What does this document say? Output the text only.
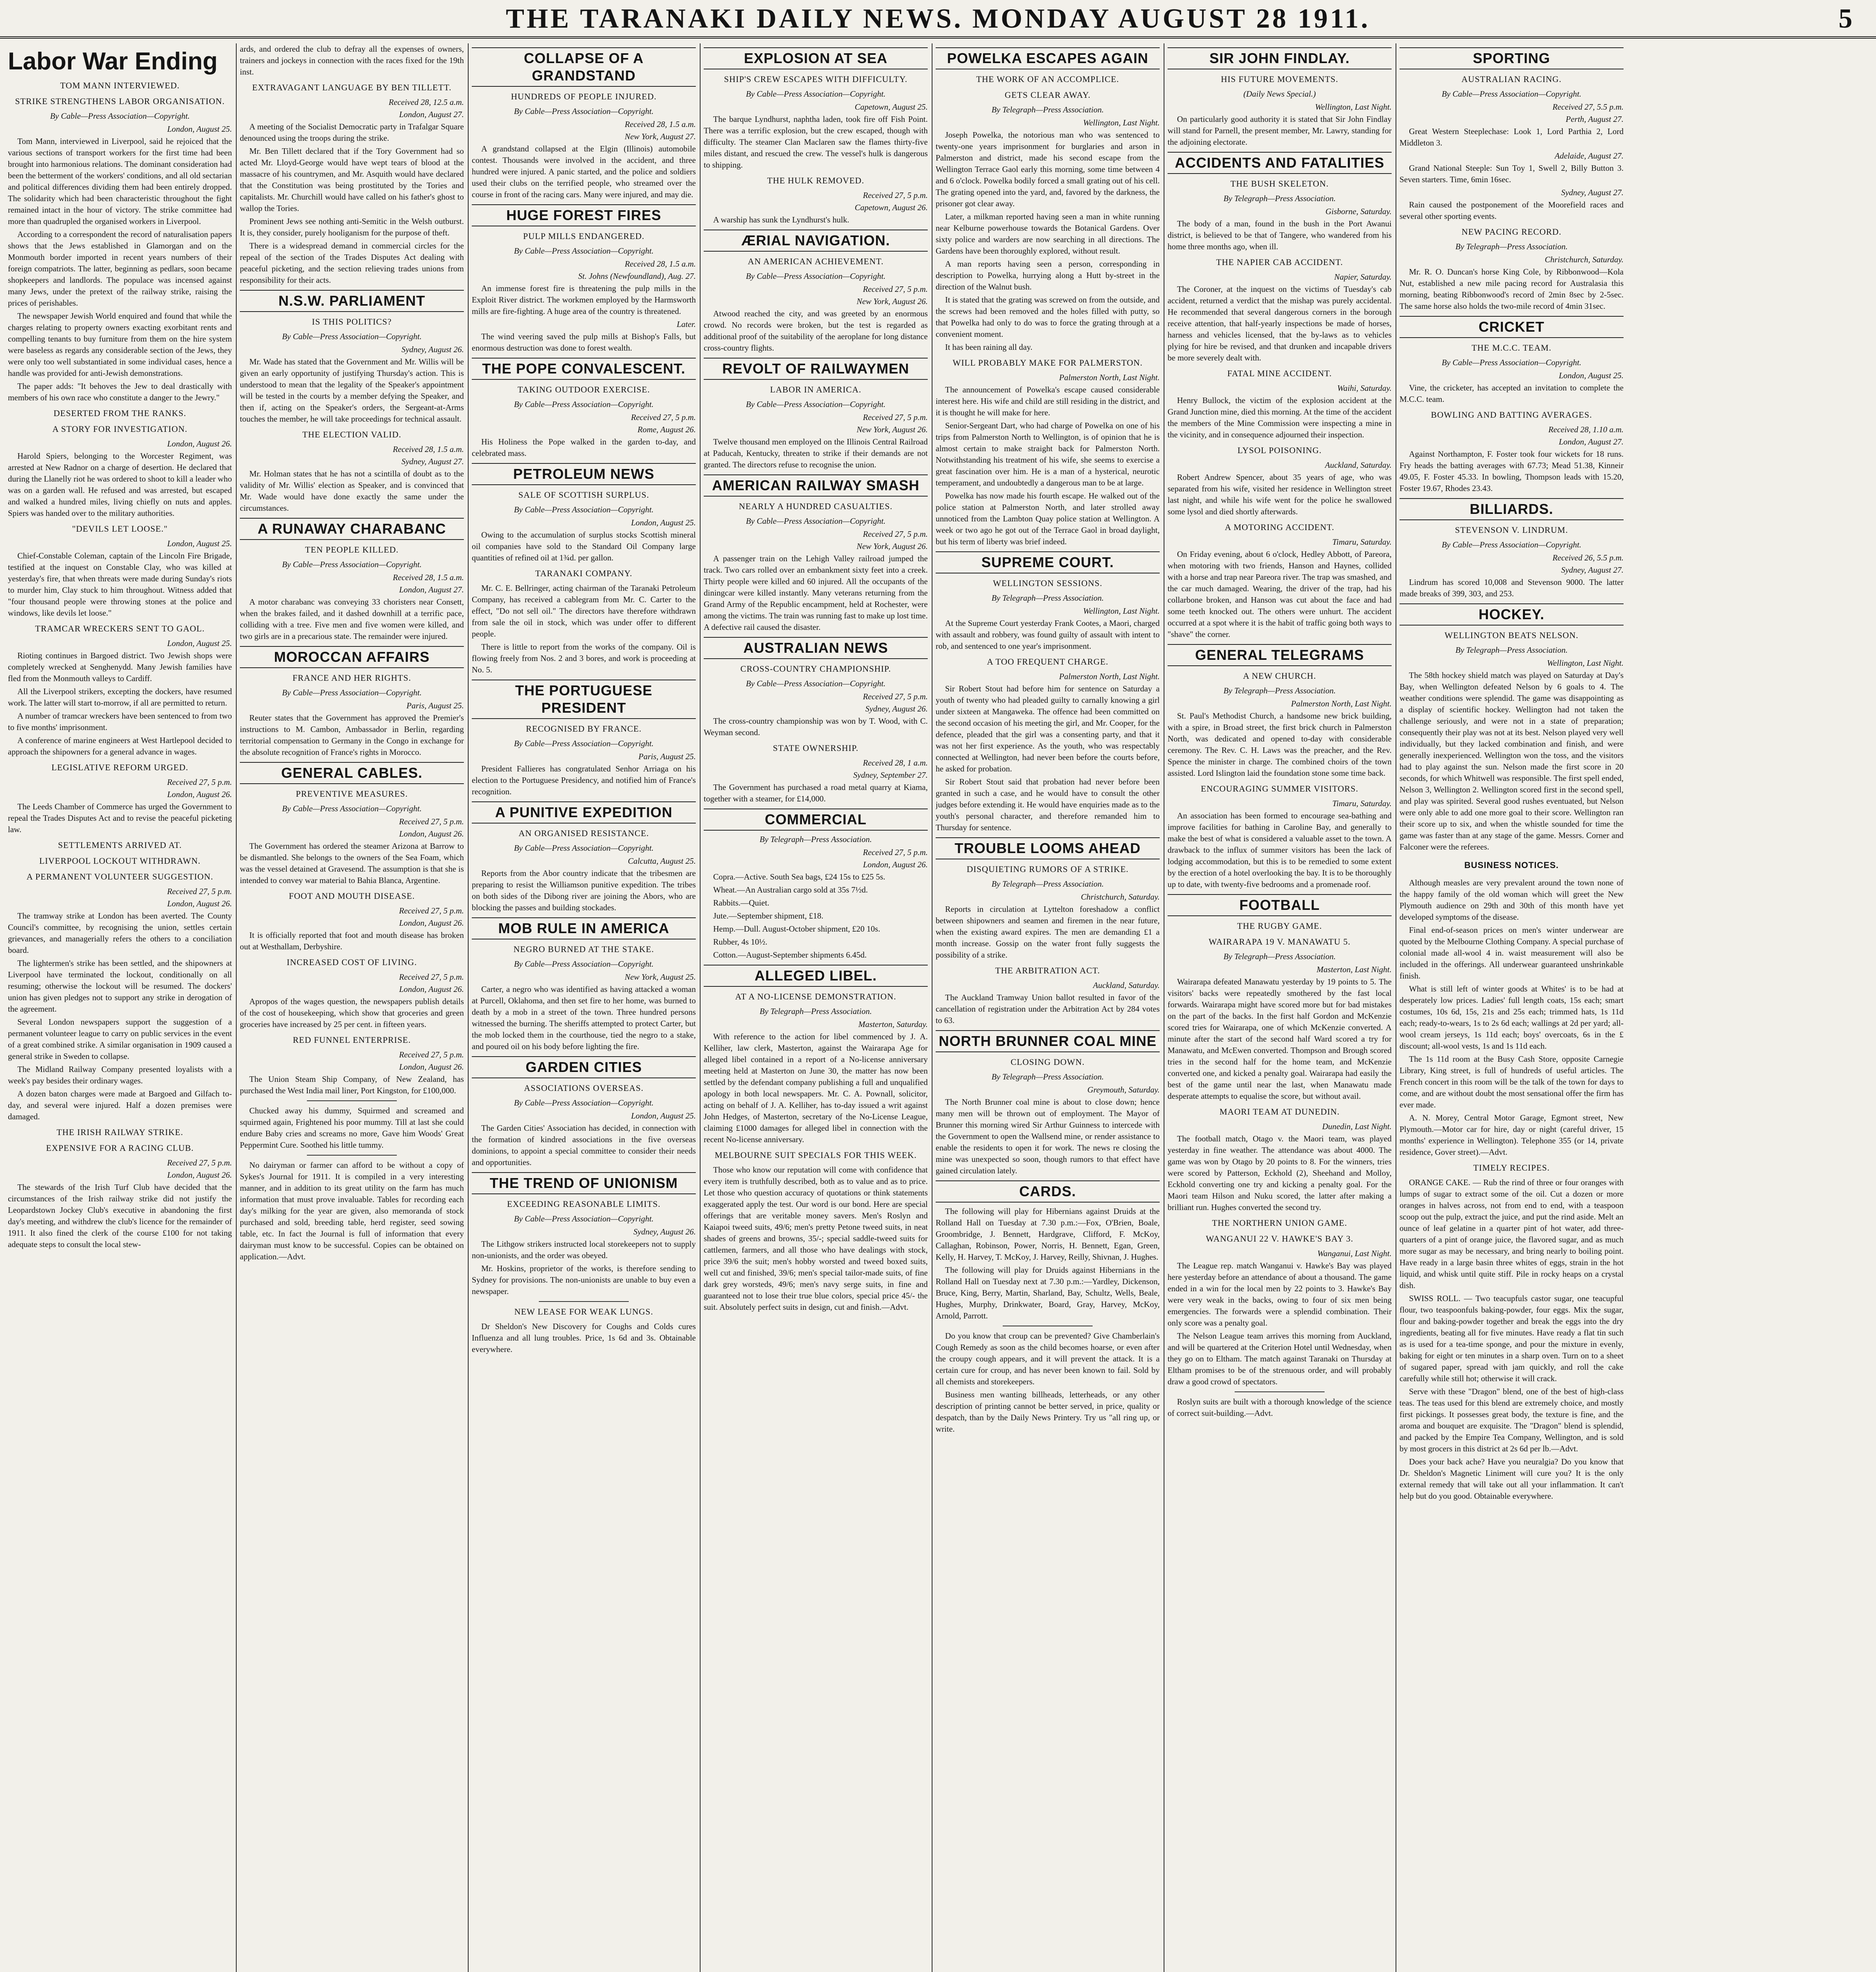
THE TARANAKI DAILY NEWS. MONDAY AUGUST 28 1911.	5
Labor War Ending
TOM MANN INTERVIEWED.
STRIKE STRENGTHENS LABOR ORGANISATION.
By Cable—Press Association—Copyright.
London, August 25.

Tom Mann, interviewed in Liverpool, said he rejoiced that the various sections of transport workers for the first time had been brought into harmonious relations. The dominant consideration had been the betterment of the workers' conditions, and all old sectarian and political differences dividing them had been entirely dropped. The solidarity which had been characteristic throughout the fight remained intact in the hour of victory. The strike committee had more than quadrupled the organised workers in Liverpool.

According to a correspondent the record of naturalisation papers shows that the Jews established in Glamorgan and on the Monmouth border imported in recent years numbers of their foreign compatriots. The latter, beginning as pedlars, soon became shopkeepers and landlords. The populace was incensed against many Jews, under the pretext of the railway strike, raising the prices of perishables.

The newspaper Jewish World enquired and found that while the charges relating to property owners exacting exorbitant rents and compelling tenants to buy furniture from them on the hire system were baseless as regards any considerable section of the Jews, they were only too well substantiated in some individual cases, hence a handle was provided for anti-Jewish demonstrations.

The paper adds: "It behoves the Jew to deal drastically with members of his own race who constitute a danger to the Jewry."

DESERTED FROM THE RANKS.
A STORY FOR INVESTIGATION.
London, August 26.

Harold Spiers, belonging to the Worcester Regiment, was arrested at New Radnor on a charge of desertion. He declared that during the Llanelly riot he was ordered to shoot to kill a leader who was on a garden wall. He refused and was arrested, but escaped and walked a hundred miles, living chiefly on nuts and apples. Spiers was handed over to the military authorities.

"DEVILS LET LOOSE."
London, August 25.

Chief-Constable Coleman, captain of the Lincoln Fire Brigade, testified at the inquest on Constable Clay, who was killed at yesterday's fire, that when threats were made during Sunday's riots to murder him, Clay stuck to him throughout. Witness added that "four thousand people were throwing stones at the police and windows, like devils let loose."

TRAMCAR WRECKERS SENT TO GAOL.
London, August 25.

Rioting continues in Bargoed district. Two Jewish shops were completely wrecked at Senghenydd. Many Jewish families have fled from the Monmouth valleys to Cardiff.

All the Liverpool strikers, excepting the dockers, have resumed work. The latter will start to-morrow, if all are permitted to return.

A number of tramcar wreckers have been sentenced to from two to five months' imprisonment.

A conference of marine engineers at West Hartlepool decided to approach the shipowners for a general advance in wages.

LEGISLATIVE REFORM URGED.
Received 27, 5 p.m.
London, August 26.

The Leeds Chamber of Commerce has urged the Government to repeal the Trades Disputes Act and to revise the peaceful picketing law.

SETTLEMENTS ARRIVED AT.
LIVERPOOL LOCKOUT WITHDRAWN.
A PERMANENT VOLUNTEER SUGGESTION.
Received 27, 5 p.m.
London, August 26.

The tramway strike at London has been averted. The County Council's committee, by recognising the union, settles certain grievances, and managerially refers the others to a conciliation board.

The lightermen's strike has been settled, and the shipowners at Liverpool have terminated the lockout, conditionally on all resuming; otherwise the lockout will be resumed. The dockers' union has given pledges not to support any strike in derogation of the agreement.

Several London newspapers support the suggestion of a permanent volunteer league to carry on public services in the event of a great combined strike. A similar organisation in 1909 caused a general strike in Sweden to collapse.

The Midland Railway Company presented loyalists with a week's pay besides their ordinary wages.

A dozen baton charges were made at Bargoed and Gilfach to-day, and several were injured. Half a dozen premises were damaged.

THE IRISH RAILWAY STRIKE.
EXPENSIVE FOR A RACING CLUB.
Received 27, 5 p.m.
London, August 26.

The stewards of the Irish Turf Club have decided that the circumstances of the Irish railway strike did not justify the Leopardstown Jockey Club's executive in abandoning the first day's meeting, and withdrew the club's licence for the remainder of 1911. It also fined the clerk of the course £100 for not taking adequate steps to consult the local stew-

ards, and ordered the club to defray all the expenses of owners, trainers and jockeys in connection with the races fixed for the 19th inst.

EXTRAVAGANT LANGUAGE BY BEN TILLETT.
Received 28, 12.5 a.m.
London, August 27.

A meeting of the Socialist Democratic party in Trafalgar Square denounced using the troops during the strike.

Mr. Ben Tillett declared that if the Tory Government had so acted Mr. Lloyd-George would have wept tears of blood at the massacre of his countrymen, and Mr. Asquith would have declared that the Constitution was being prostituted by the Tories and capitalists. Mr. Churchill would have called on his father's ghost to wallop the Tories.

Prominent Jews see nothing anti-Semitic in the Welsh outburst. It is, they consider, purely hooliganism for the purpose of theft.

There is a widespread demand in commercial circles for the repeal of the section of the Trades Disputes Act dealing with peaceful picketing, and the section relieving trades unions from responsibility for their acts.

N.S.W. PARLIAMENT
IS THIS POLITICS?
By Cable—Press Association—Copyright.
Sydney, August 26.

Mr. Wade has stated that the Government and Mr. Willis will be given an early opportunity of justifying Thursday's action. This is understood to mean that the legality of the Speaker's appointment will be tested in the courts by a member defying the Speaker, and then if, acting on the Speaker's orders, the Sergeant-at-Arms touches the member, he will take proceedings for technical assault.

THE ELECTION VALID.
Received 28, 1.5 a.m.
Sydney, August 27.

Mr. Holman states that he has not a scintilla of doubt as to the validity of Mr. Willis' election as Speaker, and is convinced that Mr. Wade would have done exactly the same under the circumstances.

A RUNAWAY CHARABANC
TEN PEOPLE KILLED.
By Cable—Press Association—Copyright.
Received 28, 1.5 a.m.
London, August 27.

A motor charabanc was conveying 33 choristers near Consett, when the brakes failed, and it dashed downhill at a terrific pace, colliding with a tree. Five men and five women were killed, and two girls are in a precarious state. The remainder were injured.

MOROCCAN AFFAIRS
FRANCE AND HER RIGHTS.
By Cable—Press Association—Copyright.
Paris, August 25.

Reuter states that the Government has approved the Premier's instructions to M. Cambon, Ambassador in Berlin, regarding territorial compensation to Germany in the Congo in exchange for the absolute recognition of France's rights in Morocco.

GENERAL CABLES.
PREVENTIVE MEASURES.
By Cable—Press Association—Copyright.
Received 27, 5 p.m.
London, August 26.

The Government has ordered the steamer Arizona at Barrow to be dismantled. She belongs to the owners of the Sea Foam, which was the vessel detained at Gravesend. The assumption is that she is intended to convey war material to Bahia Blanca, Argentine.

FOOT AND MOUTH DISEASE.
Received 27, 5 p.m.
London, August 26.

It is officially reported that foot and mouth disease has broken out at Westhallam, Derbyshire.

INCREASED COST OF LIVING.
Received 27, 5 p.m.
London, August 26.

Apropos of the wages question, the newspapers publish details of the cost of housekeeping, which show that groceries and green groceries have increased by 25 per cent. in fifteen years.

RED FUNNEL ENTERPRISE.
Received 27, 5 p.m.
London, August 26.

The Union Steam Ship Company, of New Zealand, has purchased the West India mail liner, Port Kingston, for £100,000.

Chucked away his dummy, Squirmed and screamed and squirmed again, Frightened his poor mummy. Till at last she could endure Baby cries and screams no more, Gave him Woods' Great Peppermint Cure. Soothed his little tummy.

No dairyman or farmer can afford to be without a copy of Sykes's Journal for 1911. It is compiled in a very interesting manner, and in addition to its great utility on the farm has much information that must prove invaluable. Tables for recording each day's milking for the year are given, also memoranda of stock purchased and sold, breeding table, herd register, seed sowing table, etc. In fact the Journal is full of information that every dairyman must know to be successful. Copies can be obtained on application.—Advt.

COLLAPSE OF A GRANDSTAND
HUNDREDS OF PEOPLE INJURED.
By Cable—Press Association—Copyright.
Received 28, 1.5 a.m.
New York, August 27.

A grandstand collapsed at the Elgin (Illinois) automobile contest. Thousands were involved in the accident, and three hundred were injured. A panic started, and the police and soldiers used their clubs on the terrified people, who streamed over the course in front of the racing cars. Many were injured, and may die.

HUGE FOREST FIRES
PULP MILLS ENDANGERED.
By Cable—Press Association—Copyright.
Received 28, 1.5 a.m.
St. Johns (Newfoundland), Aug. 27.

An immense forest fire is threatening the pulp mills in the Exploit River district. The workmen employed by the Harmsworth mills are fire-fighting. A huge area of the country is threatened.

Later.

The wind veering saved the pulp mills at Bishop's Falls, but enormous destruction was done to forest wealth.

THE POPE CONVALESCENT.
TAKING OUTDOOR EXERCISE.
By Cable—Press Association—Copyright.
Received 27, 5 p.m.
Rome, August 26.

His Holiness the Pope walked in the garden to-day, and celebrated mass.

PETROLEUM NEWS
SALE OF SCOTTISH SURPLUS.
By Cable—Press Association—Copyright.
London, August 25.

Owing to the accumulation of surplus stocks Scottish mineral oil companies have sold to the Standard Oil Company large quantities of refined oil at 1¾d. per gallon.

TARANAKI COMPANY.

Mr. C. E. Bellringer, acting chairman of the Taranaki Petroleum Company, has received a cablegram from Mr. C. Carter to the effect, "Do not sell oil." The directors have therefore withdrawn from sale the oil in stock, which was under offer to different people.

There is little to report from the works of the company. Oil is flowing freely from Nos. 2 and 3 bores, and work is proceeding at No. 5.

THE PORTUGUESE PRESIDENT
RECOGNISED BY FRANCE.
By Cable—Press Association—Copyright.
Paris, August 25.

President Fallieres has congratulated Senhor Arriaga on his election to the Portuguese Presidency, and notified him of France's recognition.

A PUNITIVE EXPEDITION
AN ORGANISED RESISTANCE.
By Cable—Press Association—Copyright.
Calcutta, August 25.

Reports from the Abor country indicate that the tribesmen are preparing to resist the Williamson punitive expedition. The tribes on both sides of the Dibong river are joining the Abors, who are blocking the passes and building stockades.

MOB RULE IN AMERICA
NEGRO BURNED AT THE STAKE.
By Cable—Press Association—Copyright.
New York, August 25.

Carter, a negro who was identified as having attacked a woman at Purcell, Oklahoma, and then set fire to her home, was burned to death by a mob in a street of the town. Three hundred persons witnessed the burning. The sheriffs attempted to protect Carter, but the mob locked them in the courthouse, tied the negro to a stake, and poured oil on his body before lighting the fire.

GARDEN CITIES
ASSOCIATIONS OVERSEAS.
By Cable—Press Association—Copyright.
London, August 25.

The Garden Cities' Association has decided, in connection with the formation of kindred associations in the five overseas dominions, to appoint a special committee to consider their needs and opportunities.

THE TREND OF UNIONISM
EXCEEDING REASONABLE LIMITS.
By Cable—Press Association—Copyright.
Sydney, August 26.

The Lithgow strikers instructed local storekeepers not to supply non-unionists, and the order was obeyed.

Mr. Hoskins, proprietor of the works, is therefore sending to Sydney for provisions. The non-unionists are unable to buy even a newspaper.

NEW LEASE FOR WEAK LUNGS.

Dr Sheldon's New Discovery for Coughs and Colds cures Influenza and all lung troubles. Price, 1s 6d and 3s. Obtainable everywhere.

EXPLOSION AT SEA
SHIP'S CREW ESCAPES WITH DIFFICULTY.
By Cable—Press Association—Copyright.
Capetown, August 25.

The barque Lyndhurst, naphtha laden, took fire off Fish Point. There was a terrific explosion, but the crew escaped, though with difficulty. The steamer Clan Maclaren saw the flames thirty-five miles distant, and rescued the crew. The vessel's hulk is dangerous to shipping.

THE HULK REMOVED.
Received 27, 5 p.m.
Capetown, August 26.

A warship has sunk the Lyndhurst's hulk.

ÆRIAL NAVIGATION.
AN AMERICAN ACHIEVEMENT.
By Cable—Press Association—Copyright.
Received 27, 5 p.m.
New York, August 26.

Atwood reached the city, and was greeted by an enormous crowd. No records were broken, but the test is regarded as additional proof of the suitability of the aeroplane for long distance cross-country flights.

REVOLT OF RAILWAYMEN
LABOR IN AMERICA.
By Cable—Press Association—Copyright.
Received 27, 5 p.m.
New York, August 26.

Twelve thousand men employed on the Illinois Central Railroad at Paducah, Kentucky, threaten to strike if their demands are not granted. The directors refuse to recognise the union.

AMERICAN RAILWAY SMASH
NEARLY A HUNDRED CASUALTIES.
By Cable—Press Association—Copyright.
Received 27, 5 p.m.
New York, August 26.

A passenger train on the Lehigh Valley railroad jumped the track. Two cars rolled over an embankment sixty feet into a creek. Thirty people were killed and 60 injured. All the occupants of the diningcar were killed instantly. Many veterans returning from the Grand Army of the Republic encampment, held at Rochester, were among the victims. The train was running fast to make up lost time. A defective rail caused the disaster.

AUSTRALIAN NEWS
CROSS-COUNTRY CHAMPIONSHIP.
By Cable—Press Association—Copyright.
Received 27, 5 p.m.
Sydney, August 26.

The cross-country championship was won by T. Wood, with C. Weyman second.

STATE OWNERSHIP.
Received 28, 1 a.m.
Sydney, September 27.

The Government has purchased a road metal quarry at Kiama, together with a steamer, for £14,000.

COMMERCIAL
By Telegraph—Press Association.
Received 27, 5 p.m.
London, August 26.

Copra.—Active. South Sea bags, £24 15s to £25 5s.

Wheat.—An Australian cargo sold at 35s 7½d.

Rabbits.—Quiet.

Jute.—September shipment, £18.

Hemp.—Dull. August-October shipment, £20 10s.

Rubber, 4s 10½.

Cotton.—August-September shipments 6.45d.

ALLEGED LIBEL.
AT A NO-LICENSE DEMONSTRATION.
By Telegraph—Press Association.
Masterton, Saturday.

With reference to the action for libel commenced by J. A. Kelliher, law clerk, Masterton, against the Wairarapa Age for alleged libel contained in a report of a No-license anniversary meeting held at Masterton on June 30, the matter has now been settled by the defendant company publishing a full and unqualified apology in both local newspapers. Mr. C. A. Pownall, solicitor, acting on behalf of J. A. Kelliher, has to-day issued a writ against John Hedges, of Masterton, secretary of the No-License League, claiming £1000 damages for alleged libel in connection with the recent No-license anniversary.

MELBOURNE SUIT SPECIALS FOR THIS WEEK.

Those who know our reputation will come with confidence that every item is truthfully described, both as to value and as to price. Let those who question accuracy of quotations or think statements exaggerated apply the test. Our word is our bond. Here are special offerings that are veritable money savers. Men's Roslyn and Kaiapoi tweed suits, 49/6; men's pretty Petone tweed suits, in neat shades of greens and browns, 35/-; special saddle-tweed suits for cattlemen, farmers, and all those who have dealings with stock, price 39/6 the suit; men's hobby worsted and tweed boxed suits, well cut and finished, 39/6; men's special tailor-made suits, of fine dark grey worsteds, 49/6; men's navy serge suits, in fine and guaranteed not to lose their true blue colors, special price 45/- the suit. Absolutely perfect suits in design, cut and finish.—Advt.

POWELKA ESCAPES AGAIN
THE WORK OF AN ACCOMPLICE.
GETS CLEAR AWAY.
By Telegraph—Press Association.
Wellington, Last Night.

Joseph Powelka, the notorious man who was sentenced to twenty-one years imprisonment for burglaries and arson in Palmerston and district, made his second escape from the Wellington Terrace Gaol early this morning, some time between 4 and 6 o'clock. Powelka bodily forced a small grating out of his cell. The grating opened into the yard, and, favored by the darkness, the prisoner got clear away.

Later, a milkman reported having seen a man in white running near Kelburne powerhouse towards the Botanical Gardens. Over sixty police and warders are now searching in all directions. The Gardens have been thoroughly explored, without result.

A man reports having seen a person, corresponding in description to Powelka, hurrying along a Hutt by-street in the direction of the Walnut bush.

It is stated that the grating was screwed on from the outside, and the screws had been removed and the holes filled with putty, so that Powelka had only to do was to force the grating through at a convenient moment.

It has been raining all day.

WILL PROBABLY MAKE FOR PALMERSTON.
Palmerston North, Last Night.

The announcement of Powelka's escape caused considerable interest here. His wife and child are still residing in the district, and it is thought he will make for here.

Senior-Sergeant Dart, who had charge of Powelka on one of his trips from Palmerston North to Wellington, is of opinion that he is almost certain to make straight back for Palmerston North. Notwithstanding his treatment of his wife, she seems to exercise a great fascination over him. He is a man of a hysterical, neurotic temperament, and undoubtedly a dangerous man to be at large.

Powelka has now made his fourth escape. He walked out of the police station at Palmerston North, and later strolled away unnoticed from the Lambton Quay police station at Wellington. A week or two ago he got out of the Terrace Gaol in broad daylight, but his term of liberty was brief indeed.

SUPREME COURT.
WELLINGTON SESSIONS.
By Telegraph—Press Association.
Wellington, Last Night.

At the Supreme Court yesterday Frank Cootes, a Maori, charged with assault and robbery, was found guilty of assault with intent to rob, and sentenced to one year's imprisonment.

A TOO FREQUENT CHARGE.
Palmerston North, Last Night.

Sir Robert Stout had before him for sentence on Saturday a youth of twenty who had pleaded guilty to carnally knowing a girl under sixteen at Mangaweka. The offence had been committed on the second occasion of his meeting the girl, and Mr. Cooper, for the defence, pleaded that the girl was a consenting party, and that it was not her first experience. As the youth, who was respectably connected at Wellington, had never been before the courts before, he asked for probation.

Sir Robert Stout said that probation had never before been granted in such a case, and he would have to consult the other judges before extending it. He would have enquiries made as to the youth's personal character, and therefore remanded him to Thursday for sentence.

TROUBLE LOOMS AHEAD
DISQUIETING RUMORS OF A STRIKE.
By Telegraph—Press Association.
Christchurch, Saturday.

Reports in circulation at Lyttelton foreshadow a conflict between shipowners and seamen and firemen in the near future, when the existing award expires. The men are demanding £1 a month increase. Gossip on the water front fully suggests the possibility of a strike.

THE ARBITRATION ACT.
Auckland, Saturday.

The Auckland Tramway Union ballot resulted in favor of the cancellation of registration under the Arbitration Act by 284 votes to 63.

NORTH BRUNNER COAL MINE
CLOSING DOWN.
By Telegraph—Press Association.
Greymouth, Saturday.

The North Brunner coal mine is about to close down; hence many men will be thrown out of employment. The Mayor of Brunner this morning wired Sir Arthur Guinness to intercede with the Government to open the Wallsend mine, or render assistance to enable the residents to open it for work. The news re closing the mine was unexpected so soon, though rumors to that effect have gained circulation lately.

CARDS.

The following will play for Hibernians against Druids at the Rolland Hall on Tuesday at 7.30 p.m.:—Fox, O'Brien, Boale, Groombridge, J. Bennett, Hardgrave, Clifford, F. McKoy, Callaghan, Robinson, Power, Norris, H. Bennett, Egan, Green, Kelly, H. Harvey, T. McKoy, J. Harvey, Reilly, Shivnan, J. Hughes.

The following will play for Druids against Hibernians in the Rolland Hall on Tuesday next at 7.30 p.m.:—Yardley, Dickenson, Bruce, King, Berry, Martin, Sharland, Bay, Schultz, Wells, Beale, Hughes, Murphy, Drinkwater, Board, Gray, Harvey, McKoy, Arnold, Parrott.

Do you know that croup can be prevented? Give Chamberlain's Cough Remedy as soon as the child becomes hoarse, or even after the croupy cough appears, and it will prevent the attack. It is a certain cure for croup, and has never been known to fail. Sold by all chemists and storekeepers.

Business men wanting billheads, letterheads, or any other description of printing cannot be better served, in price, quality or despatch, than by the Daily News Printery. Try us "all ring up, or write.

SIR JOHN FINDLAY.
HIS FUTURE MOVEMENTS.
(Daily News Special.)
Wellington, Last Night.

On particularly good authority it is stated that Sir John Findlay will stand for Parnell, the present member, Mr. Lawry, standing for the adjoining electorate.

ACCIDENTS AND FATALITIES
THE BUSH SKELETON.
By Telegraph—Press Association.
Gisborne, Saturday.

The body of a man, found in the bush in the Port Awanui district, is believed to be that of Tangere, who wandered from his home three months ago, when ill.

THE NAPIER CAB ACCIDENT.
Napier, Saturday.

The Coroner, at the inquest on the victims of Tuesday's cab accident, returned a verdict that the mishap was purely accidental. He recommended that several dangerous corners in the borough receive attention, that half-yearly inspections be made of horses, harness and vehicles licensed, that the by-laws as to vehicles plying for hire be revised, and that drunken and incapable drivers be more severely dealt with.

FATAL MINE ACCIDENT.
Waihi, Saturday.

Henry Bullock, the victim of the explosion accident at the Grand Junction mine, died this morning. At the time of the accident the members of the Mine Commission were inspecting a mine in the vicinity, and in consequence adjourned their inspection.

LYSOL POISONING.
Auckland, Saturday.

Robert Andrew Spencer, about 35 years of age, who was separated from his wife, visited her residence in Wellington street last night, and while his wife went for the police he swallowed some lysol and died shortly afterwards.

A MOTORING ACCIDENT.
Timaru, Saturday.

On Friday evening, about 6 o'clock, Hedley Abbott, of Pareora, when motoring with two friends, Hanson and Haynes, collided with a horse and trap near Pareora river. The trap was smashed, and the car much damaged. Wearing, the driver of the trap, had his collarbone broken, and Hanson was cut about the face and had some teeth knocked out. The others were unhurt. The accident occurred at a spot where it is the habit of traffic going both ways to "shave" the corner.

GENERAL TELEGRAMS
A NEW CHURCH.
By Telegraph—Press Association.
Palmerston North, Last Night.

St. Paul's Methodist Church, a handsome new brick building, with a spire, in Broad street, the first brick church in Palmerston North, was dedicated and opened to-day with considerable ceremony. The Rev. C. H. Laws was the preacher, and the Rev. Spence the minister in charge. The combined choirs of the town assisted. Lord Islington laid the foundation stone some time back.

ENCOURAGING SUMMER VISITORS.
Timaru, Saturday.

An association has been formed to encourage sea-bathing and improve facilities for bathing in Caroline Bay, and generally to make the best of what is considered a valuable asset to the town. A drawback to the influx of summer visitors has been the lack of lodging accommodation, but this is to be remedied to some extent by the erection of a hotel overlooking the bay. It is to be thoroughly up to date, with twenty-five bedrooms and a promenade roof.

FOOTBALL
THE RUGBY GAME.
WAIRARAPA 19 V. MANAWATU 5.
By Telegraph—Press Association.
Masterton, Last Night.

Wairarapa defeated Manawatu yesterday by 19 points to 5. The visitors' backs were repeatedly smothered by the fast local forwards. Wairarapa might have scored more but for bad mistakes on the part of the backs. In the first half Gordon and McKenzie scored tries for Wairarapa, one of which McKenzie converted. A minute after the start of the second half Ward scored a try for Manawatu, and McEwen converted. Thompson and Brough scored tries in the second half for the home team, and McKenzie converted one, and kicked a penalty goal. Wairarapa had easily the best of the game until near the last, when Manawatu made desperate attempts to equalise the score, but without avail.

MAORI TEAM AT DUNEDIN.
Dunedin, Last Night.

The football match, Otago v. the Maori team, was played yesterday in fine weather. The attendance was about 4000. The game was won by Otago by 20 points to 8. For the winners, tries were scored by Patterson, Eckhold (2), Sheehand and Molloy, Eckhold converting one try and kicking a penalty goal. For the Maori team Hilson and Nuku scored, the latter after making a brilliant run. Hughes converted the second try.

THE NORTHERN UNION GAME.
WANGANUI 22 V. HAWKE'S BAY 3.
Wanganui, Last Night.

The League rep. match Wanganui v. Hawke's Bay was played here yesterday before an attendance of about a thousand. The game ended in a win for the local men by 22 points to 3. Hawke's Bay were very weak in the backs, owing to four of six men being emergencies. The forwards were a splendid combination. Their only score was a penalty goal.

The Nelson League team arrives this morning from Auckland, and will be quartered at the Criterion Hotel until Wednesday, when they go on to Eltham. The match against Taranaki on Thursday at Eltham promises to be of the strenuous order, and will probably draw a good crowd of spectators.

Roslyn suits are built with a thorough knowledge of the science of correct suit-building.—Advt.

SPORTING
AUSTRALIAN RACING.
By Cable—Press Association—Copyright.
Received 27, 5.5 p.m.
Perth, August 27.

Great Western Steeplechase: Look 1, Lord Parthia 2, Lord Middleton 3.

Adelaide, August 27.

Grand National Steeple: Sun Toy 1, Swell 2, Billy Button 3. Seven starters. Time, 6min 16sec.

Sydney, August 27.

Rain caused the postponement of the Moorefield races and several other sporting events.

NEW PACING RECORD.
By Telegraph—Press Association.
Christchurch, Saturday.

Mr. R. O. Duncan's horse King Cole, by Ribbonwood—Kola Nut, established a new mile pacing record for Australasia this morning, beating Ribbonwood's record of 2min 8sec by 2-5sec. The same horse also holds the two-mile record of 4min 31sec.

CRICKET
THE M.C.C. TEAM.
By Cable—Press Association—Copyright.
London, August 25.

Vine, the cricketer, has accepted an invitation to complete the M.C.C. team.

BOWLING AND BATTING AVERAGES.
Received 28, 1.10 a.m.
London, August 27.

Against Northampton, F. Foster took four wickets for 18 runs. Fry heads the batting averages with 67.73; Mead 51.38, Kinneir 49.05, F. Foster 45.33. In bowling, Thompson leads with 15.20, Foster 19.67, Rhodes 23.43.

BILLIARDS.
STEVENSON V. LINDRUM.
By Cable—Press Association—Copyright.
Received 26, 5.5 p.m.
Sydney, August 27.

Lindrum has scored 10,008 and Stevenson 9000. The latter made breaks of 399, 303, and 253.

HOCKEY.
WELLINGTON BEATS NELSON.
By Telegraph—Press Association.
Wellington, Last Night.

The 58th hockey shield match was played on Saturday at Day's Bay, when Wellington defeated Nelson by 6 goals to 4. The weather conditions were splendid. The game was disappointing as a display of scientific hockey. Wellington had not taken the challenge seriously, and were not in a state of preparation; consequently their play was not at its best. Nelson played very well individually, but they lacked combination and finish, and were generally inexperienced. Wellington won the toss, and the visitors had to play against the sun. Nelson made the first score in 20 seconds, for which Whitwell was responsible. The first spell ended, Nelson 3, Wellington 2. Wellington scored first in the second spell, and play was spirited. Several good rushes eventuated, but Nelson were only able to add one more goal to their score. Wellington ran their score up to six, and when the whistle sounded for time the game was faster than at any stage of the game. Messrs. Corner and Falconer were the referees.

BUSINESS NOTICES.

Although measles are very prevalent around the town none of the happy family of the old woman which will greet the New Plymouth audience on 29th and 30th of this month have yet developed symptoms of the disease.

Final end-of-season prices on men's winter underwear are quoted by the Melbourne Clothing Company. A special purchase of colonial made all-wool 4 in. waist measurement will also be included in the offerings. All underwear guaranteed unshrinkable finish.

What is still left of winter goods at Whites' is to be had at desperately low prices. Ladies' full length coats, 15s each; smart costumes, 10s 6d, 15s, 21s and 25s each; trimmed hats, 1s 11d each; ready-to-wears, 1s to 2s 6d each; wallings at 2d per yard; all-wool cream jerseys, 1s 11d each; boys' overcoats, 6s in the £ discount; all-wool vests, 1s and 1s 11d each.

The 1s 11d room at the Busy Cash Store, opposite Carnegie Library, King street, is full of hundreds of useful articles. The French concert in this room will be the talk of the town for days to come, and are without doubt the most sensational offer the firm has ever made.

A. N. Morey, Central Motor Garage, Egmont street, New Plymouth.—Motor car for hire, day or night (careful driver, 15 months' experience in Wellington). Telephone 355 (or 14, private residence, Gover street).—Advt.

TIMELY RECIPES.

ORANGE CAKE. — Rub the rind of three or four oranges with lumps of sugar to extract some of the oil. Cut a dozen or more oranges in halves across, not from end to end, with a teaspoon scoop out the pulp, extract the juice, and put the rind aside. Melt an ounce of leaf gelatine in a quarter pint of hot water, add three-quarters of a pint of orange juice, the flavored sugar, and as much more sugar as may be necessary, and bring nearly to boiling point. Have ready in a large basin three whites of eggs, strain in the hot liquid, and whisk until quite stiff. Pile in rocky heaps on a crystal dish.

SWISS ROLL. — Two teacupfuls castor sugar, one teacupful flour, two teaspoonfuls baking-powder, four eggs. Mix the sugar, flour and baking-powder together and break the eggs into the dry ingredients, beating all for five minutes. Have ready a flat tin such as is used for a tea-time sponge, and pour the mixture in evenly, baking for eight or ten minutes in a sharp oven. Turn on to a sheet of sugared paper, spread with jam quickly, and roll the cake carefully while still hot; otherwise it will crack.

Serve with these "Dragon" blend, one of the best of high-class teas. The teas used for this blend are extremely choice, and mostly first pickings. It possesses great body, the texture is fine, and the aroma and bouquet are exquisite. The "Dragon" blend is splendid, and packed by the Empire Tea Company, Wellington, and is sold by most grocers in this district at 2s 6d per lb.—Advt.

Does your back ache? Have you neuralgia? Do you know that Dr. Sheldon's Magnetic Liniment will cure you? It is the only external remedy that will take out all your inflammation. It can't help but do you good. Obtainable everywhere.
